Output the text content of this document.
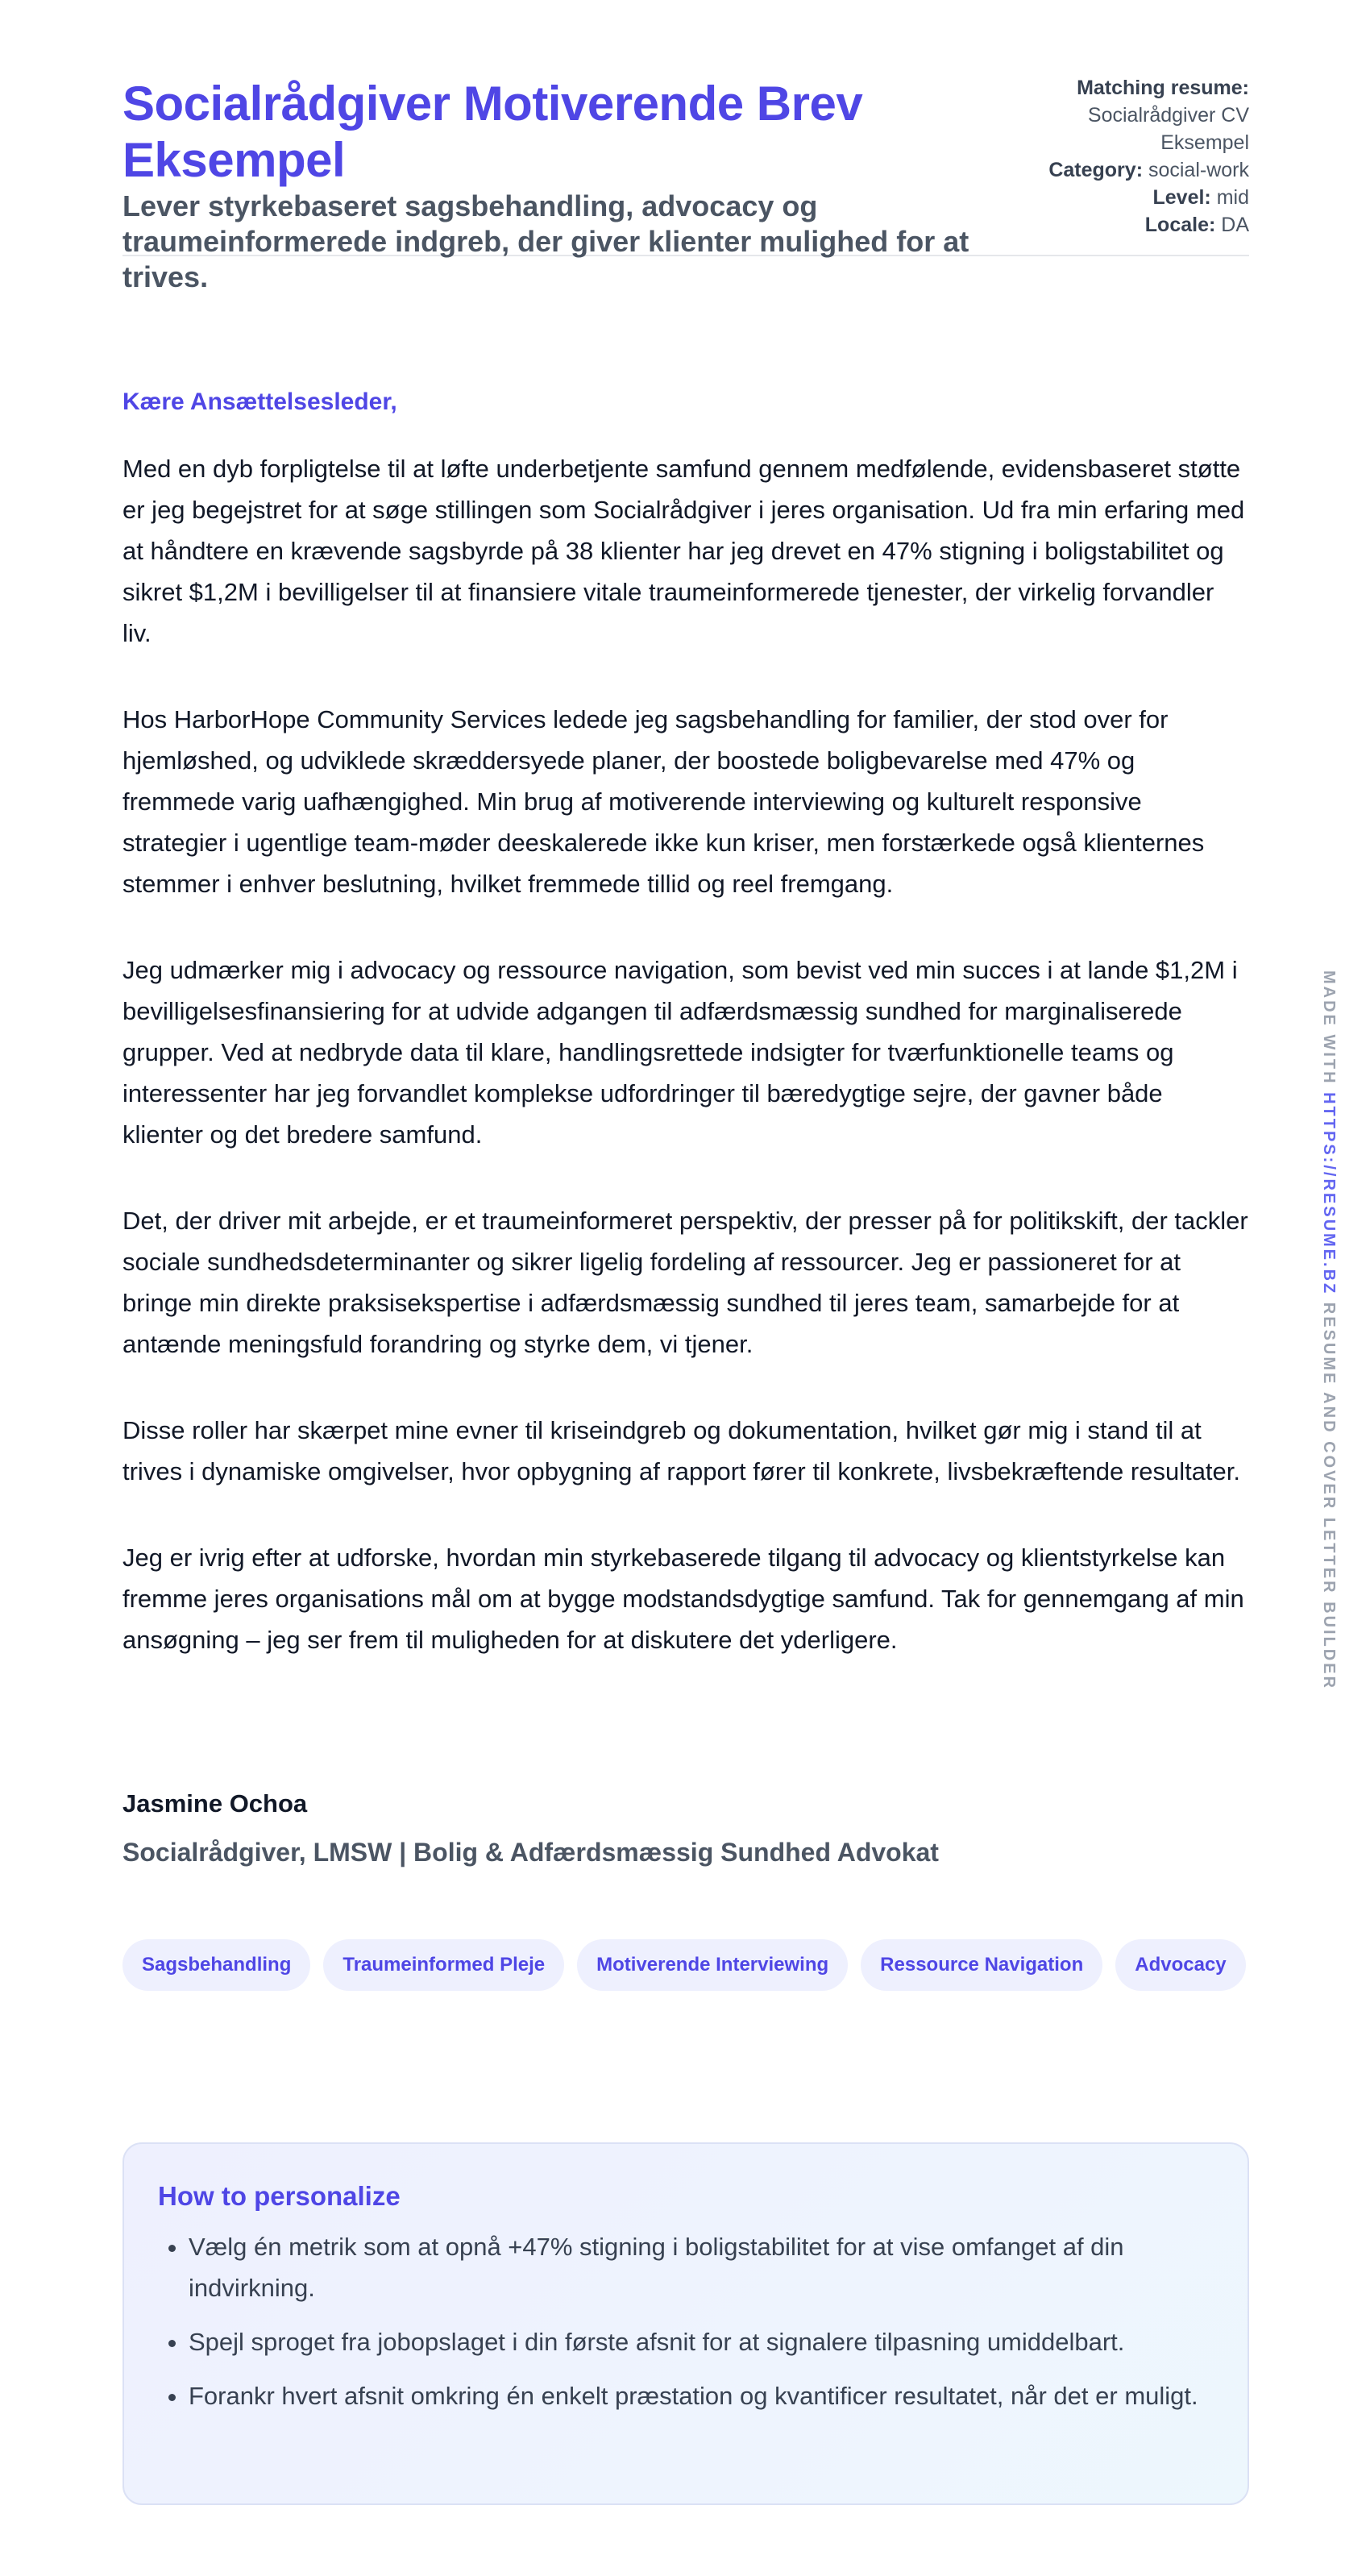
Socialrådgiver Motiverende Brev Eksempel
Lever styrkebaseret sagsbehandling, advocacy og traumeinformerede indgreb, der giver klienter mulighed for at trives.
Matching resume:
Socialrådgiver CV Eksempel
Category: social-work
Level: mid
Locale: DA
Kære Ansættelsesleder,

Med en dyb forpligtelse til at løfte underbetjente samfund gennem medfølende, evidensbaseret støtte er jeg begejstret for at søge stillingen som Socialrådgiver i jeres organisation. Ud fra min erfaring med at håndtere en krævende sagsbyrde på 38 klienter har jeg drevet en 47% stigning i boligstabilitet og sikret $1,2M i bevilligelser til at finansiere vitale traumeinformerede tjenester, der virkelig forvandler liv.

Hos HarborHope Community Services ledede jeg sagsbehandling for familier, der stod over for hjemløshed, og udviklede skræddersyede planer, der boostede boligbevarelse med 47% og fremmede varig uafhængighed. Min brug af motiverende interviewing og kulturelt responsive strategier i ugentlige team-møder deeskalerede ikke kun kriser, men forstærkede også klienternes stemmer i enhver beslutning, hvilket fremmede tillid og reel fremgang.

Jeg udmærker mig i advocacy og ressource navigation, som bevist ved min succes i at lande $1,2M i bevilligelsesfinansiering for at udvide adgangen til adfærdsmæssig sundhed for marginaliserede grupper. Ved at nedbryde data til klare, handlingsrettede indsigter for tværfunktionelle teams og interessenter har jeg forvandlet komplekse udfordringer til bæredygtige sejre, der gavner både klienter og det bredere samfund.

Det, der driver mit arbejde, er et traumeinformeret perspektiv, der presser på for politikskift, der tackler sociale sundhedsdeterminanter og sikrer ligelig fordeling af ressourcer. Jeg er passioneret for at bringe min direkte praksisekspertise i adfærdsmæssig sundhed til jeres team, samarbejde for at antænde meningsfuld forandring og styrke dem, vi tjener.

Disse roller har skærpet mine evner til kriseindgreb og dokumentation, hvilket gør mig i stand til at trives i dynamiske omgivelser, hvor opbygning af rapport fører til konkrete, livsbekræftende resultater.

Jeg er ivrig efter at udforske, hvordan min styrkebaserede tilgang til advocacy og klientstyrkelse kan fremme jeres organisations mål om at bygge modstandsdygtige samfund. Tak for gennemgang af min ansøgning – jeg ser frem til muligheden for at diskutere det yderligere.

Jasmine Ochoa
Socialrådgiver, LMSW | Bolig & Adfærdsmæssig Sundhed Advokat
Sagsbehandling	Traumeinformed Pleje	Motiverende Interviewing	Ressource Navigation	Advocacy
How to personalize
• Vælg én metrik som at opnå +47% stigning i boligstabilitet for at vise omfanget af din indvirkning.
• Spejl sproget fra jobopslaget i din første afsnit for at signalere tilpasning umiddelbart.
• Forankr hvert afsnit omkring én enkelt præstation og kvantificer resultatet, når det er muligt.
MADE WITH HTTPS://RESUME.BZ RESUME AND COVER LETTER BUILDER
